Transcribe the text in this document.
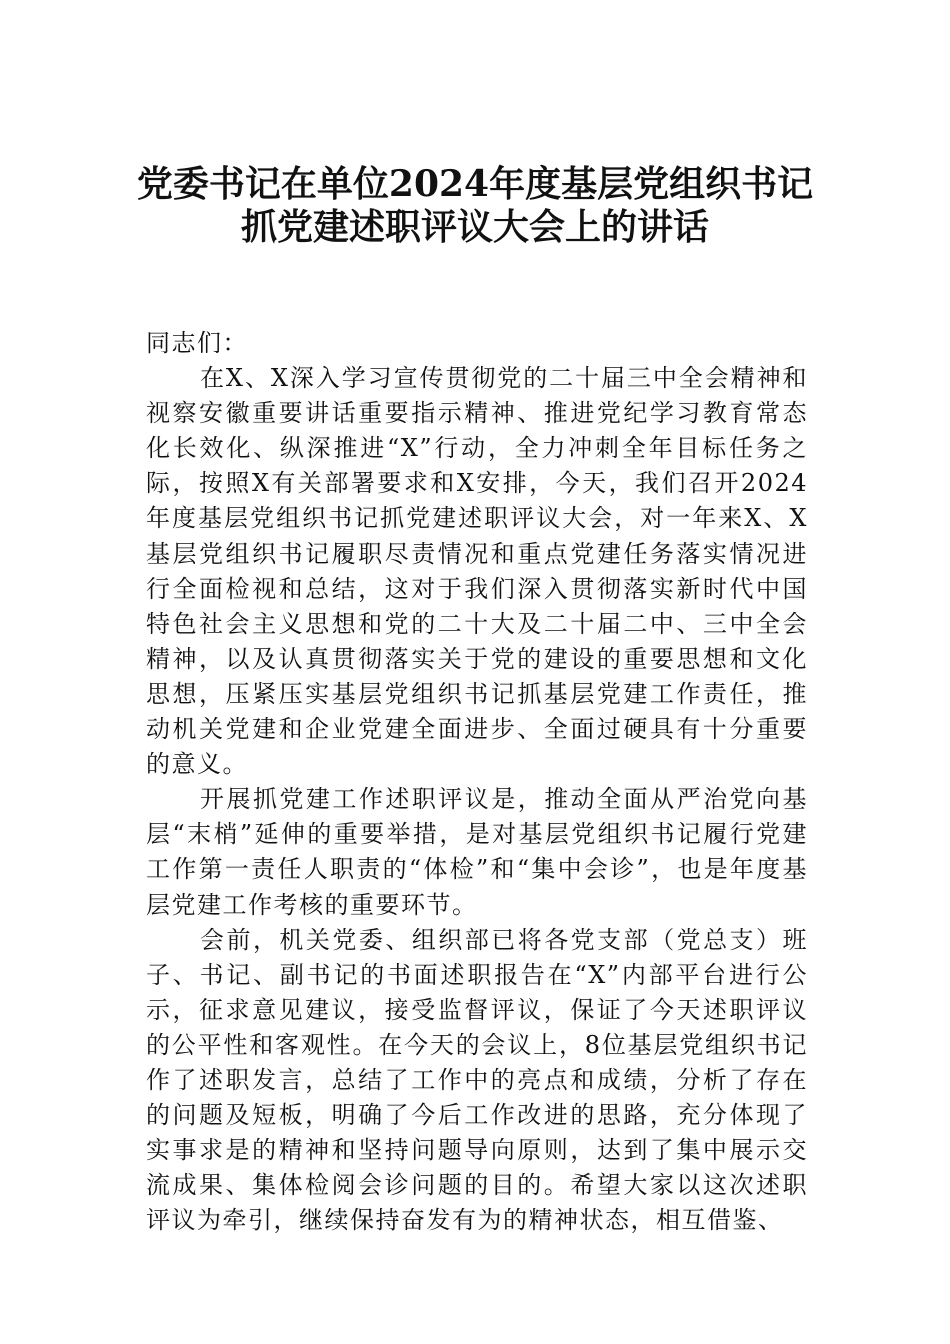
党委书记在单位2024年度基层党组织书记
抓党建述职评议大会上的讲话

同志们：

在X、X深入学习宣传贯彻党的二十届三中全会精神和视察安徽重要讲话重要指示精神、推进党纪学习教育常态化长效化、纵深推进“X”行动，全力冲刺全年目标任务之际，按照X有关部署要求和X安排，今天，我们召开2024年度基层党组织书记抓党建述职评议大会，对一年来X、X基层党组织书记履职尽责情况和重点党建任务落实情况进行全面检视和总结，这对于我们深入贯彻落实新时代中国特色社会主义思想和党的二十大及二十届二中、三中全会精神，以及认真贯彻落实关于党的建设的重要思想和文化思想，压紧压实基层党组织书记抓基层党建工作责任，推动机关党建和企业党建全面进步、全面过硬具有十分重要的意义。

开展抓党建工作述职评议是，推动全面从严治党向基层“末梢”延伸的重要举措，是对基层党组织书记履行党建工作第一责任人职责的“体检”和“集中会诊”，也是年度基层党建工作考核的重要环节。

会前，机关党委、组织部已将各党支部（党总支）班子、书记、副书记的书面述职报告在“X”内部平台进行公示，征求意见建议，接受监督评议，保证了今天述职评议的公平性和客观性。在今天的会议上，8位基层党组织书记作了述职发言，总结了工作中的亮点和成绩，分析了存在的问题及短板，明确了今后工作改进的思路，充分体现了实事求是的精神和坚持问题导向原则，达到了集中展示交流成果、集体检阅会诊问题的目的。希望大家以这次述职评议为牵引，继续保持奋发有为的精神状态，相互借鉴、
